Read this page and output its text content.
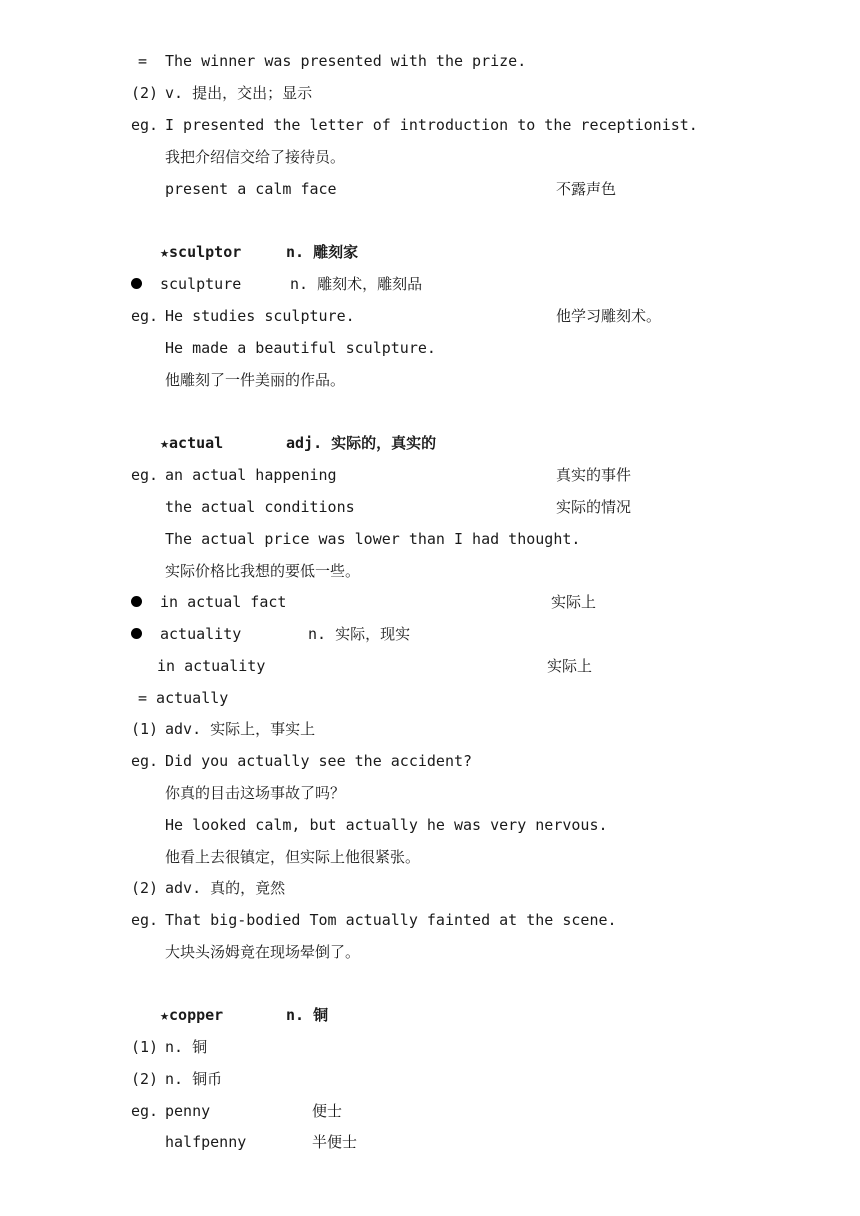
= The winner was presented with the prize.
(2) v. 提出，交出；显示
eg. I presented the letter of introduction to the receptionist.
我把介绍信交给了接待员。
present a calm face	不露声色
★sculptor	n. 雕刻家
sculpture	n. 雕刻术，雕刻品
eg. He studies sculpture.	他学习雕刻术。
He made a beautiful sculpture.
他雕刻了一件美丽的作品。
★actual	adj. 实际的，真实的
eg. an actual happening	真实的事件
the actual conditions	实际的情况
The actual price was lower than I had thought.
实际价格比我想的要低一些。
in actual fact	实际上
actuality	n. 实际，现实
in actuality	实际上
= actually
(1) adv. 实际上，事实上
eg. Did you actually see the accident?
你真的目击这场事故了吗？
He looked calm, but actually he was very nervous.
他看上去很镇定，但实际上他很紧张。
(2) adv. 真的，竟然
eg. That big-bodied Tom actually fainted at the scene.
大块头汤姆竟在现场晕倒了。
★copper	n. 铜
(1) n. 铜
(2) n. 铜币
eg. penny	便士
halfpenny	半便士
